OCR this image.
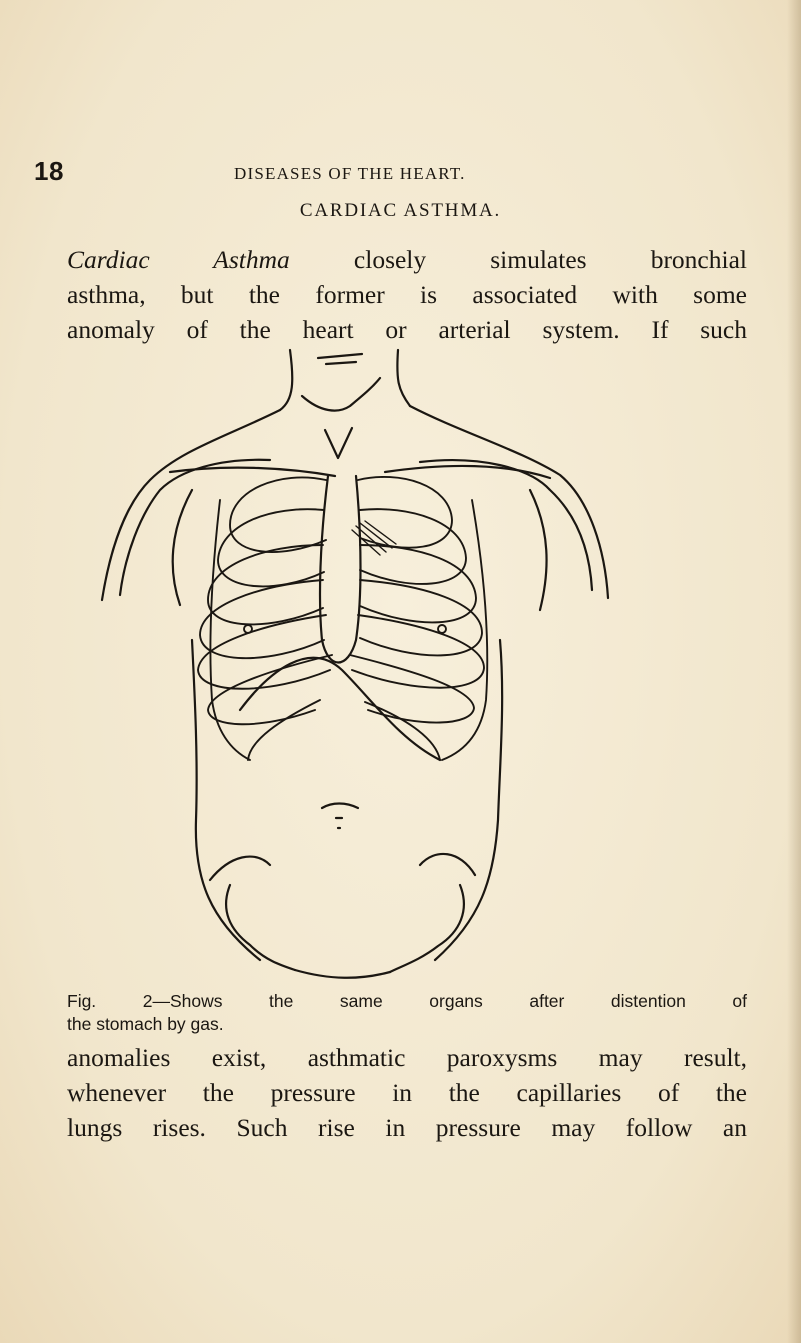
18	DISEASES OF THE HEART.
CARDIAC ASTHMA.
Cardiac Asthma closely simulates bronchial
asthma, but the former is associated with some
anomaly of the heart or arterial system. If such
Fig. 2—Shows the same organs after distention of
the stomach by gas.
anomalies exist, asthmatic paroxysms may result,
whenever the pressure in the capillaries of the
lungs rises. Such rise in pressure may follow an
